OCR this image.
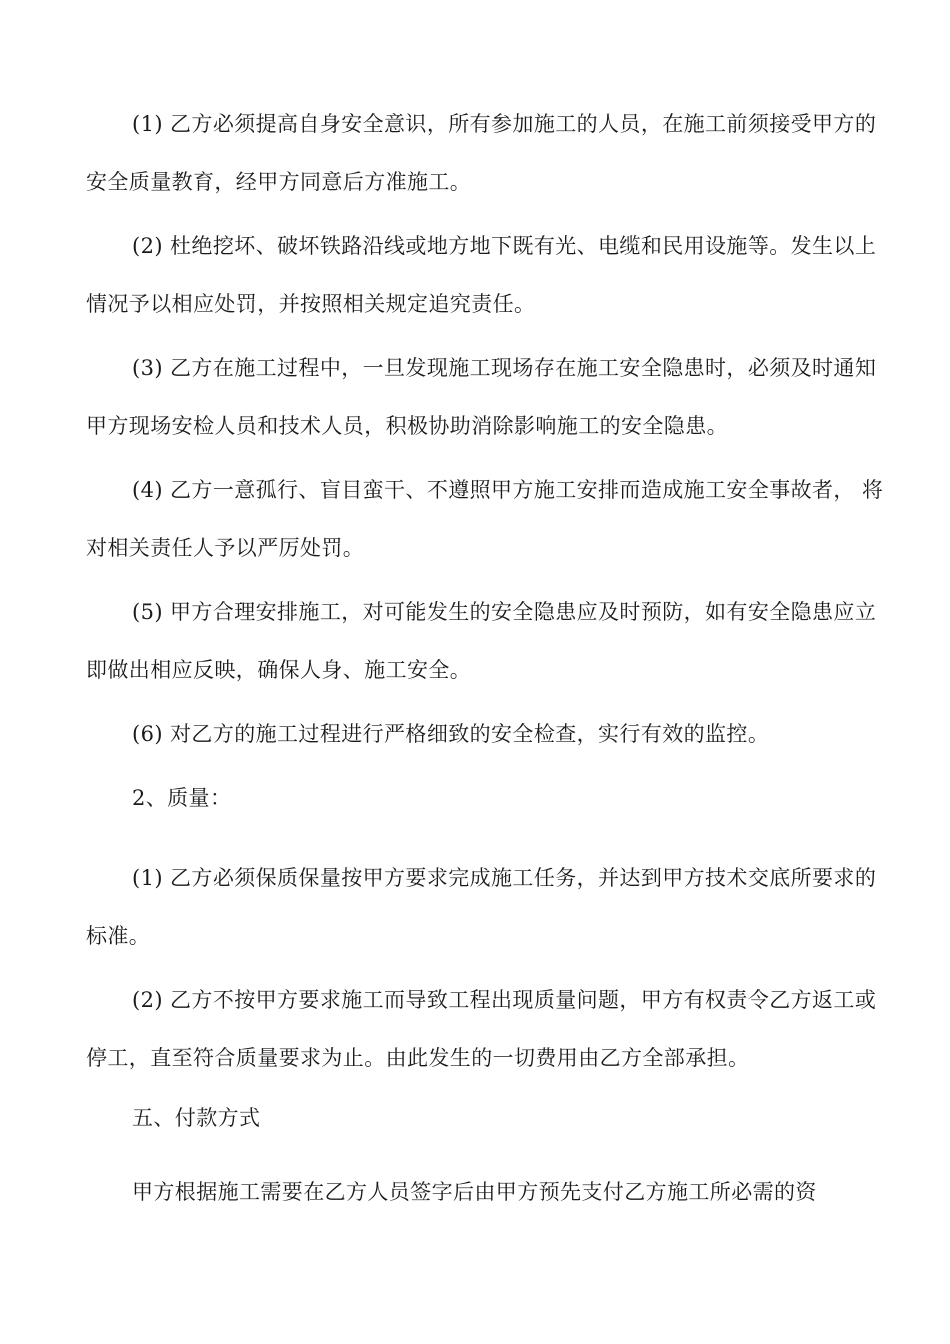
(1) 乙方必须提高自身安全意识，所有参加施工的人员，在施工前须接受甲方的安全质量教育，经甲方同意后方准施工。

(2) 杜绝挖坏、破坏铁路沿线或地方地下既有光、电缆和民用设施等。发生以上情况予以相应处罚，并按照相关规定追究责任。

(3) 乙方在施工过程中，一旦发现施工现场存在施工安全隐患时，必须及时通知甲方现场安检人员和技术人员，积极协助消除影响施工的安全隐患。

(4) 乙方一意孤行、盲目蛮干、不遵照甲方施工安排而造成施工安全事故者， 将对相关责任人予以严厉处罚。

(5) 甲方合理安排施工，对可能发生的安全隐患应及时预防，如有安全隐患应立即做出相应反映，确保人身、施工安全。

(6) 对乙方的施工过程进行严格细致的安全检查，实行有效的监控。

2、质量：

(1) 乙方必须保质保量按甲方要求完成施工任务，并达到甲方技术交底所要求的标准。

(2) 乙方不按甲方要求施工而导致工程出现质量问题，甲方有权责令乙方返工或停工，直至符合质量要求为止。由此发生的一切费用由乙方全部承担。

五、付款方式

甲方根据施工需要在乙方人员签字后由甲方预先支付乙方施工所必需的资
